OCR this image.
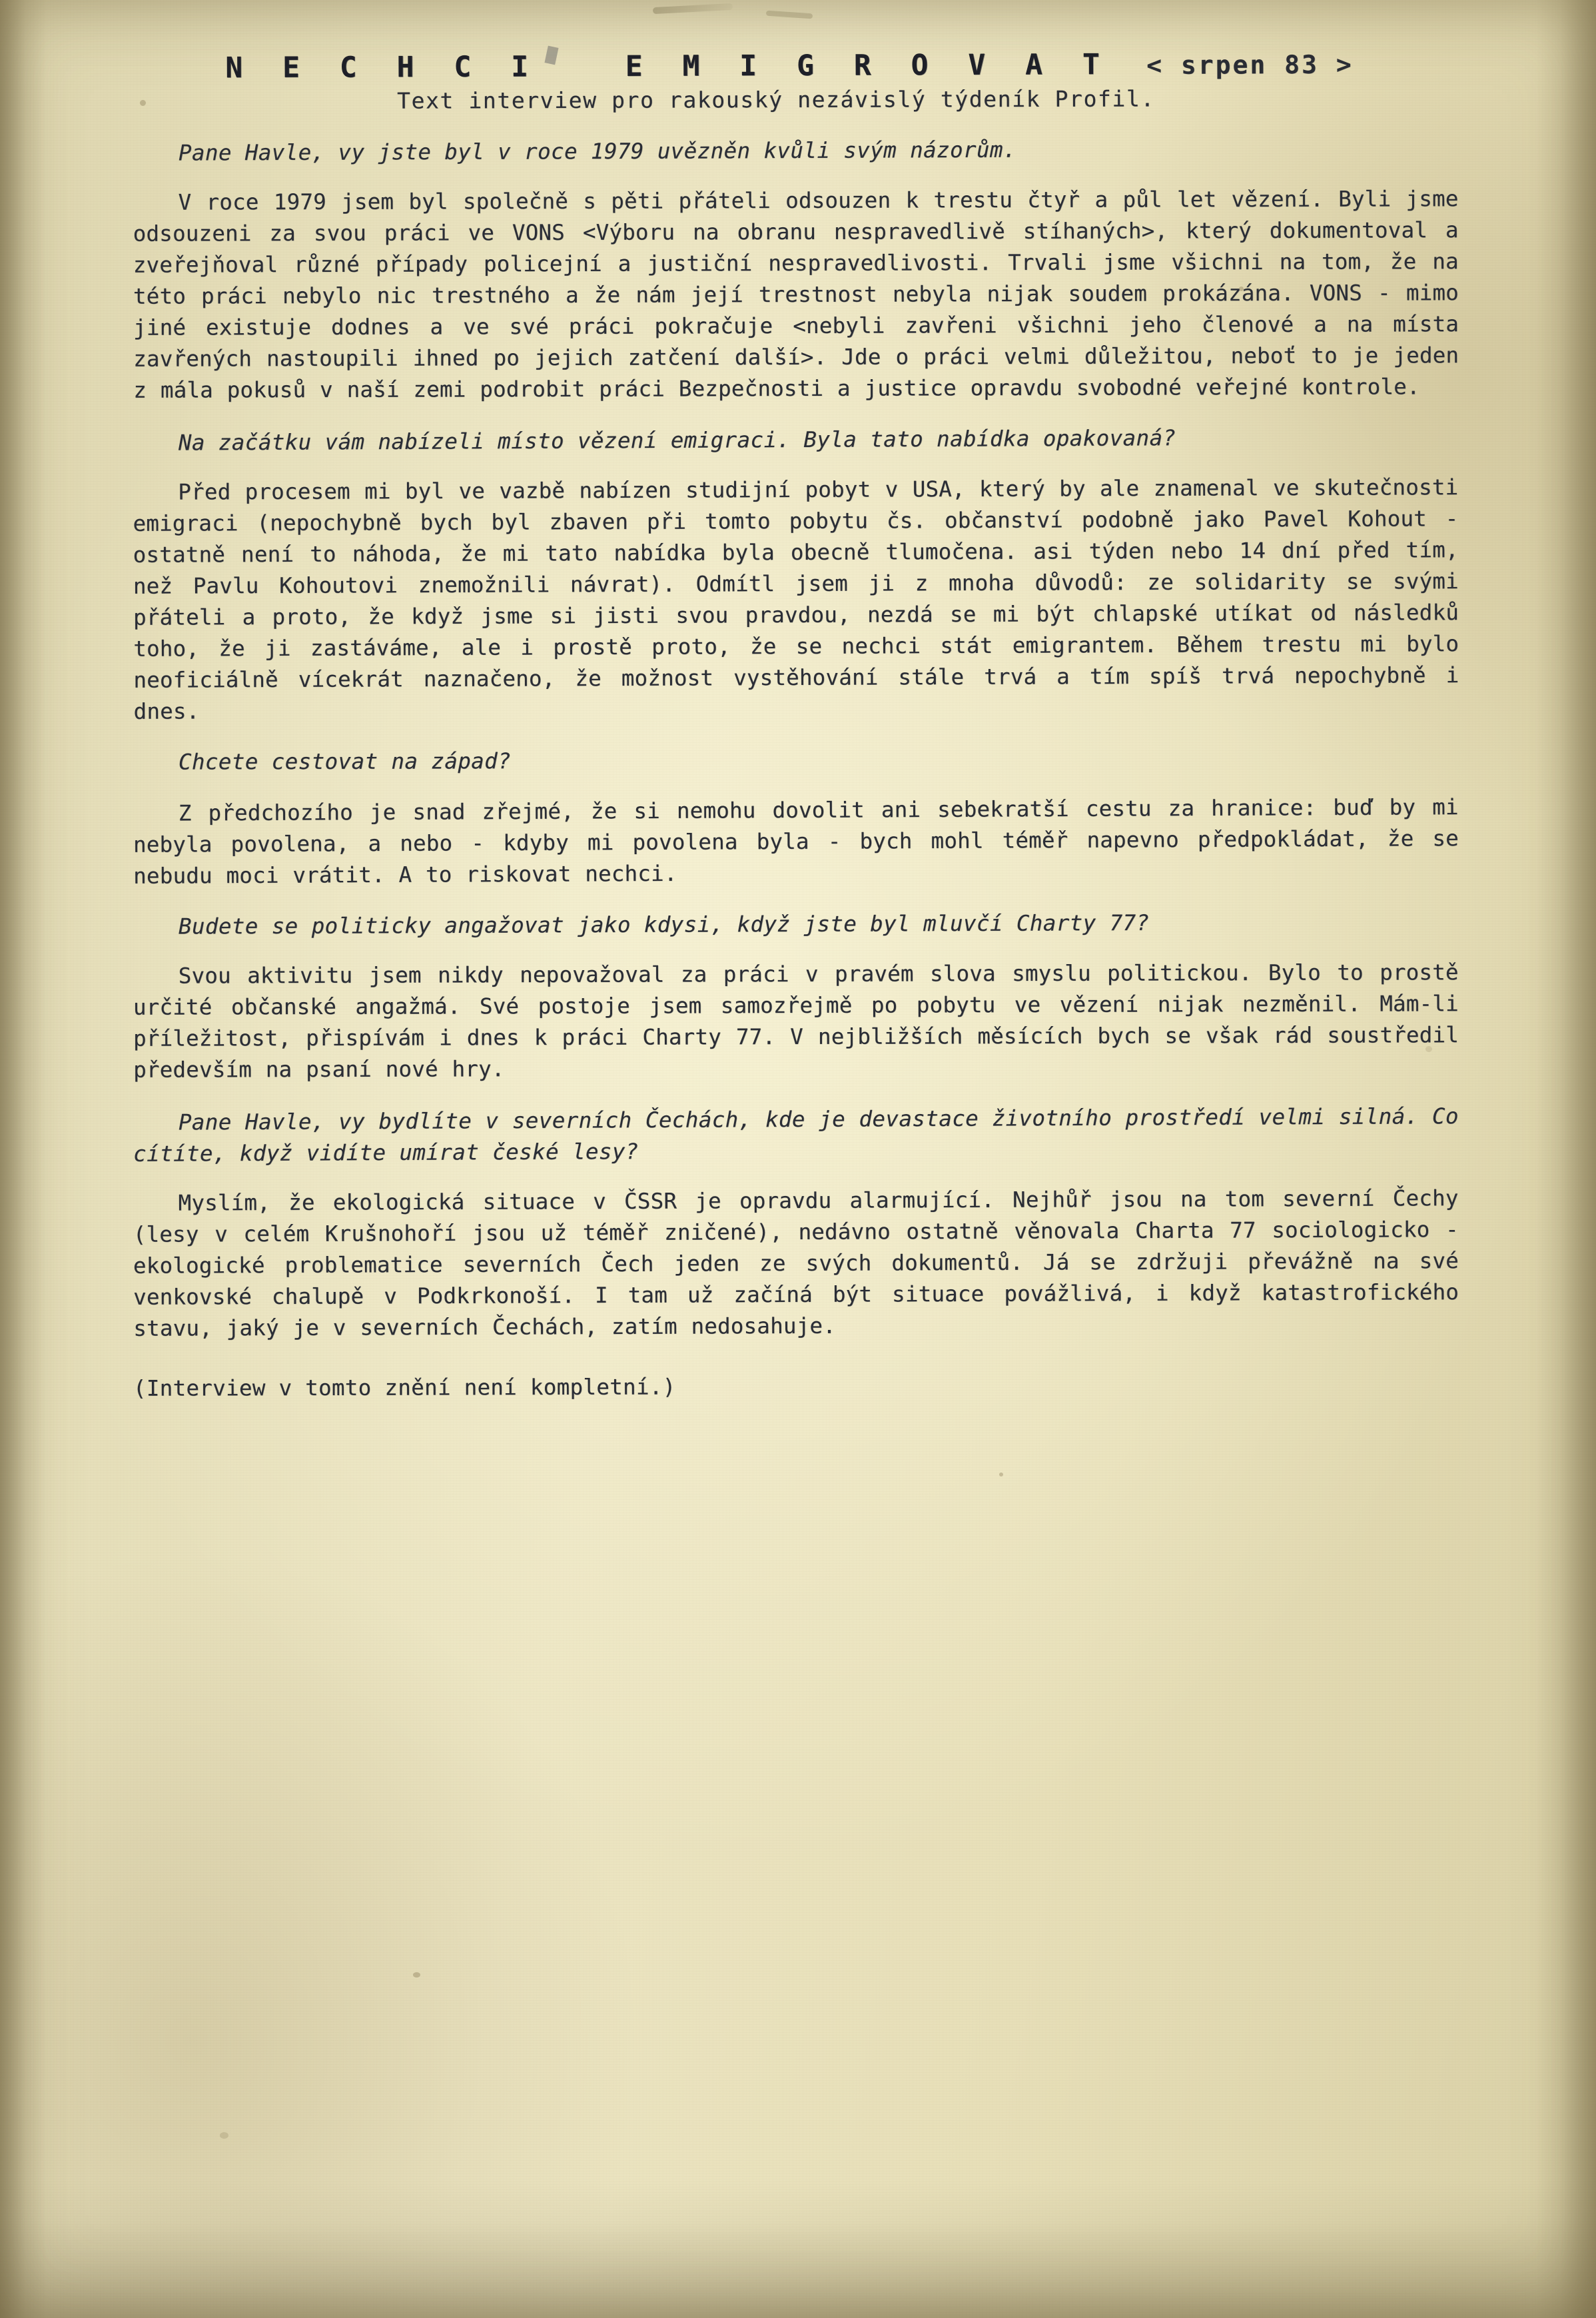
N E C H C I   E M I G R O V A T < srpen 83 >
Text interview pro rakouský nezávislý týdeník Profil.

Pane Havle, vy jste byl v roce 1979 uvězněn kvůli svým názorům.

V roce 1979 jsem byl společně s pěti přáteli odsouzen k trestu čtyř a půl let vězení. Byli jsme odsouzeni za svou práci ve VONS <Výboru na obranu nespravedlivě stíhaných>, který dokumentoval a zveřejňoval různé případy policejní a justiční nespravedlivosti. Trvali jsme všichni na tom, že na této práci nebylo nic trestného a že nám její trestnost nebyla nijak soudem prokázána. VONS - mimo jiné existuje dodnes a ve své práci pokračuje <nebyli zavřeni všichni jeho členové a na místa zavřených nastoupili ihned po jejich zatčení další>. Jde o práci velmi důležitou, neboť to je jeden z mála pokusů v naší zemi podrobit práci Bezpečnosti a justice opravdu svobodné veřejné kontrole.

Na začátku vám nabízeli místo vězení emigraci. Byla tato nabídka opakovaná?

Před procesem mi byl ve vazbě nabízen studijní pobyt v USA, který by ale znamenal ve skutečnosti emigraci (nepochybně bych byl zbaven při tomto pobytu čs. občanství podobně jako Pavel Kohout - ostatně není to náhoda, že mi tato nabídka byla obecně tlumočena. asi týden nebo 14 dní před tím, než Pavlu Kohoutovi znemožnili návrat). Odmítl jsem ji z mnoha důvodů: ze solidarity se svými přáteli a proto, že když jsme si jisti svou pravdou, nezdá se mi být chlapské utíkat od následků toho, že ji zastáváme, ale i prostě proto, že se nechci stát emigrantem. Během trestu mi bylo neoficiálně vícekrát naznačeno, že možnost vystěhování stále trvá a tím spíš trvá nepochybně i dnes.

Chcete cestovat na západ?

Z předchozího je snad zřejmé, že si nemohu dovolit ani sebekratší cestu za hranice: buď by mi nebyla povolena, a nebo - kdyby mi povolena byla - bych mohl téměř napevno předpokládat, že se nebudu moci vrátit. A to riskovat nechci.

Budete se politicky angažovat jako kdysi, když jste byl mluvčí Charty 77?

Svou aktivitu jsem nikdy nepovažoval za práci v pravém slova smyslu politickou. Bylo to prostě určité občanské angažmá. Své postoje jsem samozřejmě po pobytu ve vězení nijak nezměnil. Mám-li příležitost, přispívám i dnes k práci Charty 77. V nejbližších měsících bych se však rád soustředil především na psaní nové hry.

Pane Havle, vy bydlíte v severních Čechách, kde je devastace životního prostředí velmi silná. Co cítíte, když vidíte umírat české lesy?

Myslím, že ekologická situace v ČSSR je opravdu alarmující. Nejhůř jsou na tom severní Čechy (lesy v celém Krušnohoří jsou už téměř zničené), nedávno ostatně věnovala Charta 77 sociologicko - ekologické problematice severních Čech jeden ze svých dokumentů. Já se zdržuji převážně na své venkovské chalupě v Podkrkonoší. I tam už začíná být situace povážlivá, i když katastrofického stavu, jaký je v severních Čechách, zatím nedosahuje.

(Interview v tomto znění není kompletní.)
